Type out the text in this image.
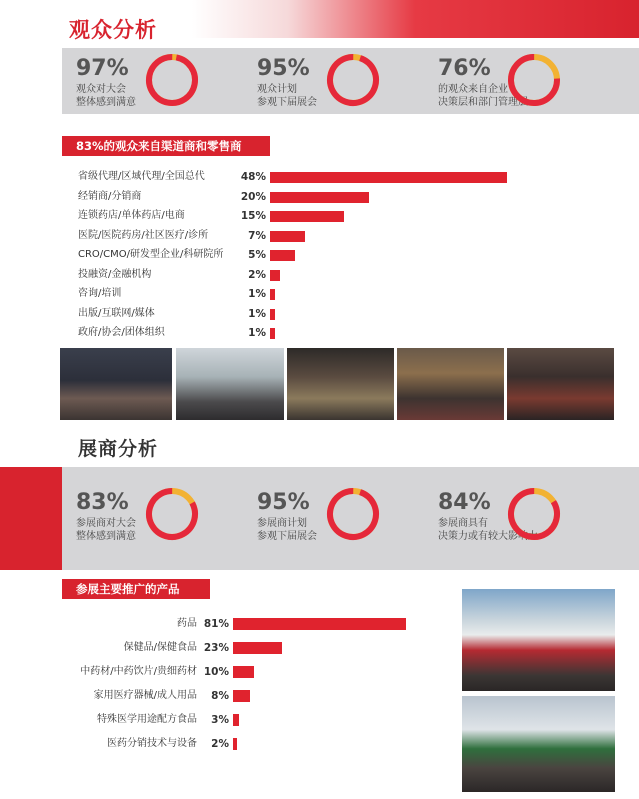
观众分析
97%
观众对大会
整体感到满意
95%
观众计划
参观下届展会
76%
的观众来自企业
决策层和部门管理层
83%的观众来自渠道商和零售商
省级代理/区域代理/全国总代	48%
经销商/分销商	20%
连锁药店/单体药店/电商	15%
医院/医院药房/社区医疗/诊所	7%
CRO/CMO/研发型企业/科研院所	5%
投融资/金融机构	2%
咨询/培训	1%
出版/互联网/媒体	1%
政府/协会/团体组织	1%
展商分析
83%
参展商对大会
整体感到满意
95%
参展商计划
参观下届展会
84%
参展商具有
决策力或有较大影响力
参展主要推广的产品
药品 81%
保健品/保健食品 23%
中药材/中药饮片/贵细药材 10%
家用医疗器械/成人用品	8%
特殊医学用途配方食品	3%
医药分销技术与设备	2%
